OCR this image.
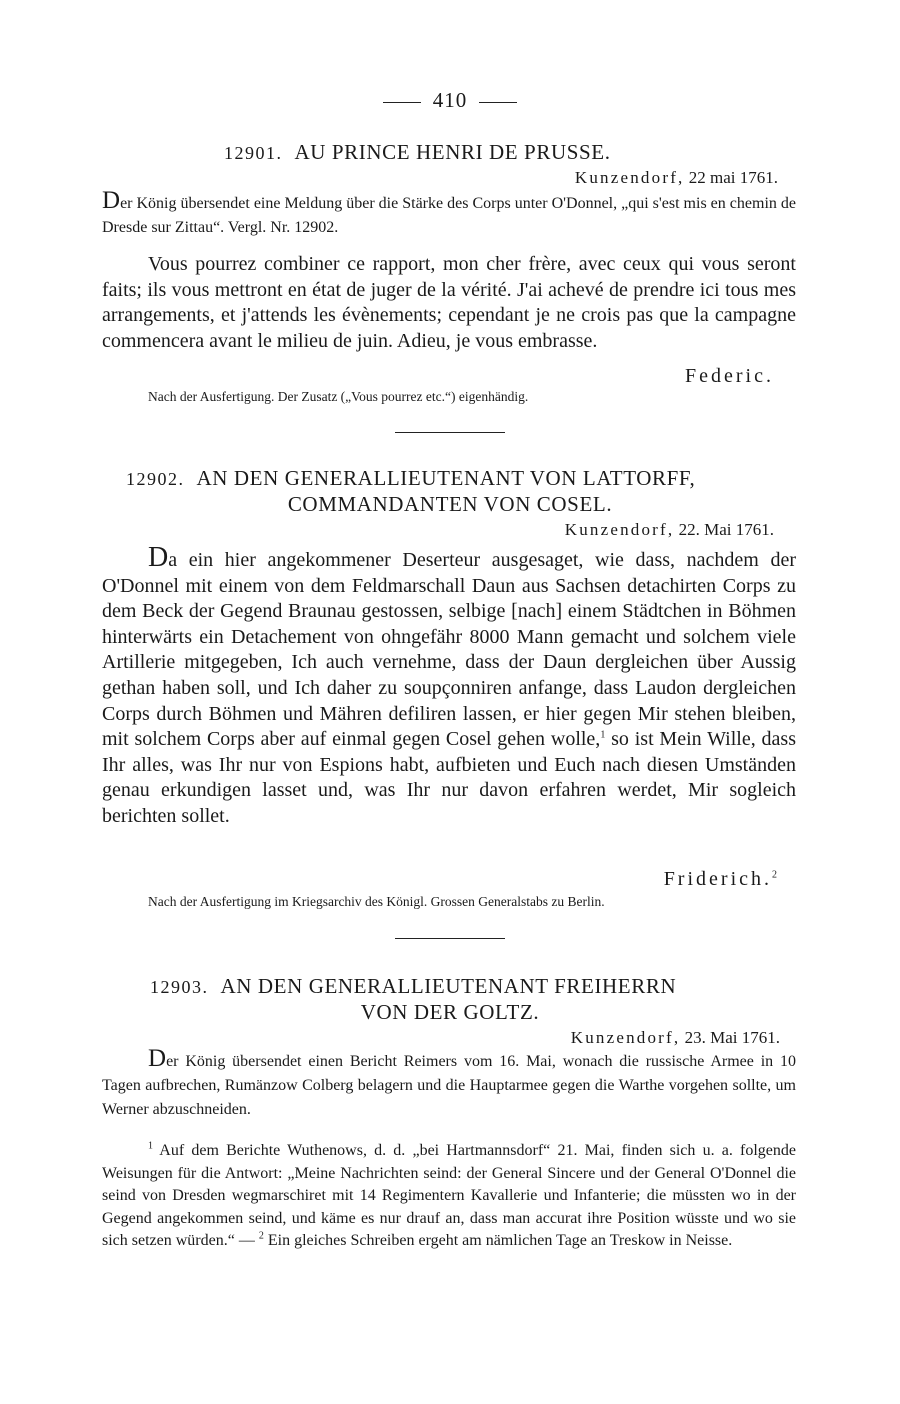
410
12901. AU PRINCE HENRI DE PRUSSE.
Kunzendorf, 22 mai 1761.
Der König übersendet eine Meldung über die Stärke des Corps unter O'Donnel, „qui s'est mis en chemin de Dresde sur Zittau“. Vergl. Nr. 12902.
Vous pourrez combiner ce rapport, mon cher frère, avec ceux qui vous seront faits; ils vous mettront en état de juger de la vérité. J'ai achevé de prendre ici tous mes arrangements, et j'attends les évènements; cependant je ne crois pas que la campagne commencera avant le milieu de juin. Adieu, je vous embrasse.
Federic.
Nach der Ausfertigung. Der Zusatz („Vous pourrez etc.“) eigenhändig.
12902. AN DEN GENERALLIEUTENANT VON LATTORFF,
COMMANDANTEN VON COSEL.
Kunzendorf, 22. Mai 1761.
Da ein hier angekommener Deserteur ausgesaget, wie dass, nachdem der O'Donnel mit einem von dem Feldmarschall Daun aus Sachsen detachirten Corps zu dem Beck der Gegend Braunau gestossen, selbige [nach] einem Städtchen in Böhmen hinterwärts ein Detachement von ohngefähr 8000 Mann gemacht und solchem viele Artillerie mitgegeben, Ich auch vernehme, dass der Daun dergleichen über Aussig gethan haben soll, und Ich daher zu soupçonniren anfange, dass Laudon dergleichen Corps durch Böhmen und Mähren defiliren lassen, er hier gegen Mir stehen bleiben, mit solchem Corps aber auf einmal gegen Cosel gehen wolle,$^1$ so ist Mein Wille, dass Ihr alles, was Ihr nur von Espions habt, aufbieten und Euch nach diesen Umständen genau erkundigen lasset und, was Ihr nur davon erfahren werdet, Mir sogleich berichten sollet.
Friderich.$^2$
Nach der Ausfertigung im Kriegsarchiv des Königl. Grossen Generalstabs zu Berlin.
12903. AN DEN GENERALLIEUTENANT FREIHERRN
VON DER GOLTZ.
Kunzendorf, 23. Mai 1761.
Der König übersendet einen Bericht Reimers vom 16. Mai, wonach die russische Armee in 10 Tagen aufbrechen, Rumänzow Colberg belagern und die Hauptarmee gegen die Warthe vorgehen sollte, um Werner abzuschneiden.
$^1$ Auf dem Berichte Wuthenows, d. d. „bei Hartmannsdorf“ 21. Mai, finden sich u. a. folgende Weisungen für die Antwort: „Meine Nachrichten seind: der General Sincere und der General O'Donnel die seind von Dresden wegmarschiret mit 14 Regimentern Kavallerie und Infanterie; die müssten wo in der Gegend angekommen seind, und käme es nur drauf an, dass man accurat ihre Position wüsste und wo sie sich setzen würden.“ — $^2$ Ein gleiches Schreiben ergeht am nämlichen Tage an Treskow in Neisse.
